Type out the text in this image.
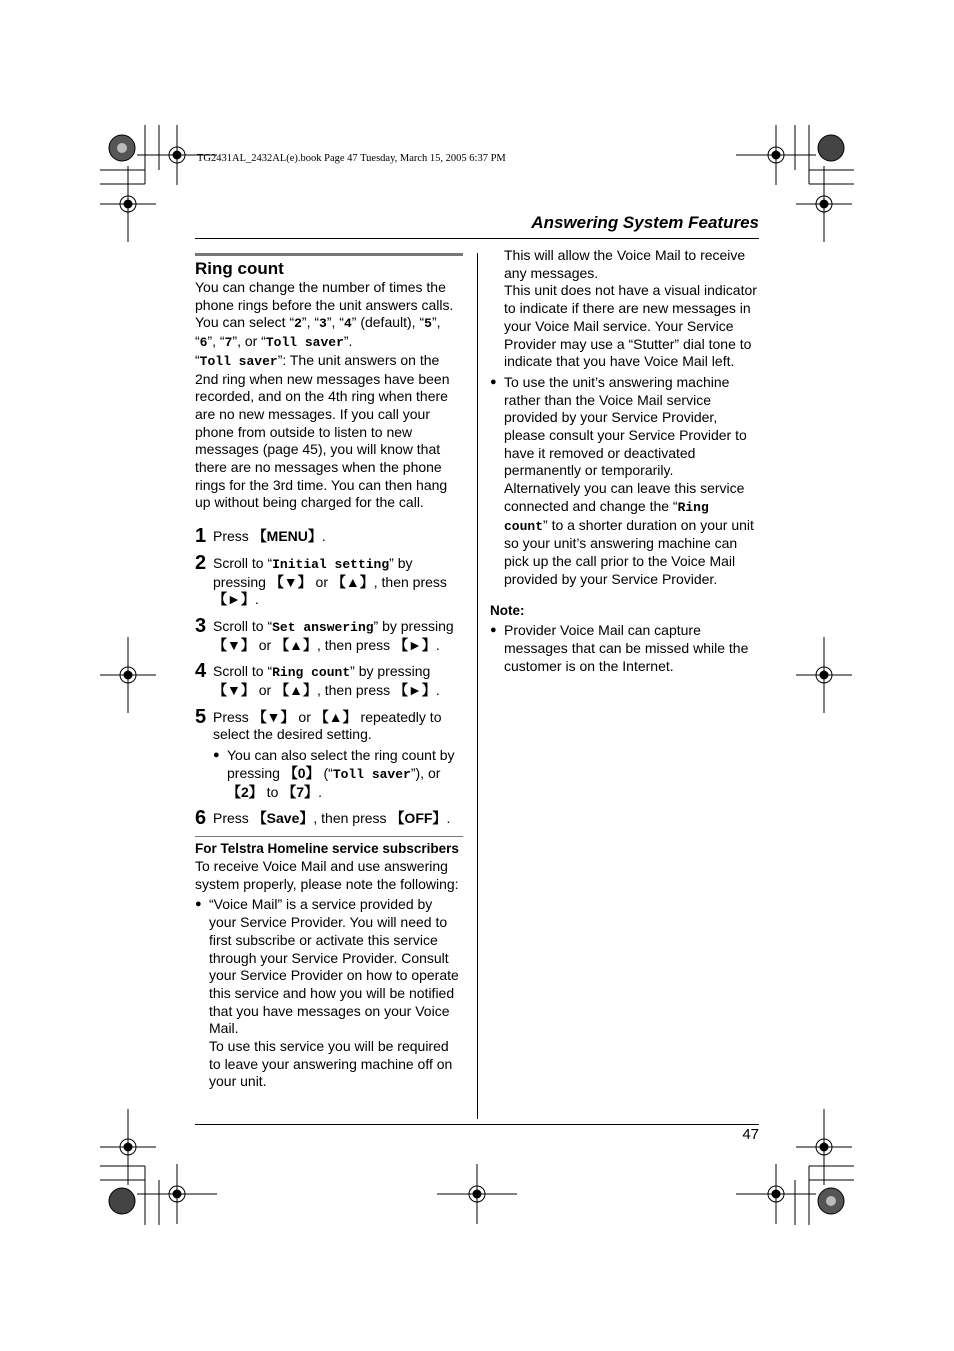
TG2431AL_2432AL(e).book Page 47 Tuesday, March 15, 2005 6:37 PM
Answering System Features

Ring count

You can change the number of times the phone rings before the unit answers calls. You can select “2”, “3”, “4” (default), “5”, “6”, “7”, or “Toll saver”.

“Toll saver”: The unit answers on the 2nd ring when new messages have been recorded, and on the 4th ring when there are no new messages. If you call your phone from outside to listen to new messages (page 45), you will know that there are no messages when the phone rings for the 3rd time. You can then hang up without being charged for the call.

1 Press 【MENU】.
2 Scroll to “Initial setting” by pressing 【▼】 or 【▲】, then press 【►】.
3 Scroll to “Set answering” by pressing 【▼】 or 【▲】, then press 【►】.
4 Scroll to “Ring count” by pressing 【▼】 or 【▲】, then press 【►】.
5 Press 【▼】 or 【▲】 repeatedly to select the desired setting.
● You can also select the ring count by pressing 【0】 (“Toll saver”), or 【2】 to 【7】.
6 Press 【Save】, then press 【OFF】.

For Telstra Homeline service subscribers

To receive Voice Mail and use answering system properly, please note the following:

● “Voice Mail” is a service provided by your Service Provider. You will need to first subscribe or activate this service through your Service Provider. Consult your Service Provider on how to operate this service and how you will be notified that you have messages on your Voice Mail.

To use this service you will be required to leave your answering machine off on your unit.

This will allow the Voice Mail to receive any messages.

This unit does not have a visual indicator to indicate if there are new messages in your Voice Mail service. Your Service Provider may use a “Stutter” dial tone to indicate that you have Voice Mail left.

● To use the unit’s answering machine rather than the Voice Mail service provided by your Service Provider, please consult your Service Provider to have it removed or deactivated permanently or temporarily.

Alternatively you can leave this service connected and change the “Ring count” to a shorter duration on your unit so your unit’s answering machine can pick up the call prior to the Voice Mail provided by your Service Provider.

Note:

● Provider Voice Mail can capture messages that can be missed while the customer is on the Internet.

47
